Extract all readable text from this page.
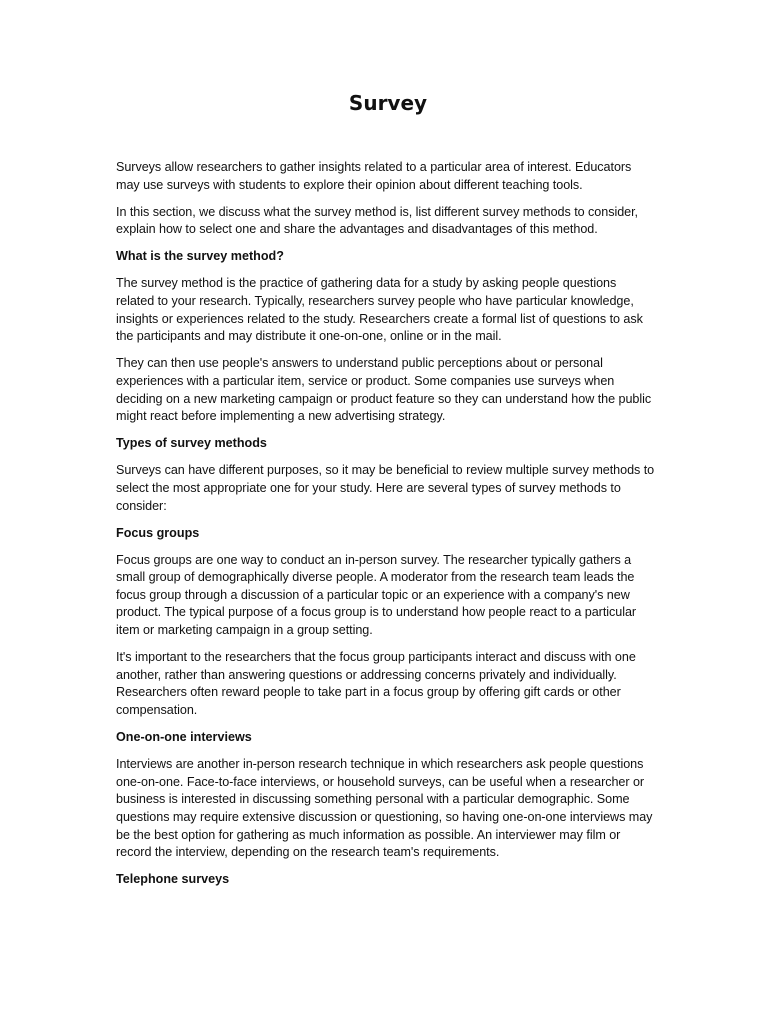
Survey

Surveys allow researchers to gather insights related to a particular area of interest. Educators may use surveys with students to explore their opinion about different teaching tools.

In this section, we discuss what the survey method is, list different survey methods to consider, explain how to select one and share the advantages and disadvantages of this method.

What is the survey method?

The survey method is the practice of gathering data for a study by asking people questions related to your research. Typically, researchers survey people who have particular knowledge, insights or experiences related to the study. Researchers create a formal list of questions to ask the participants and may distribute it one-on-one, online or in the mail.

They can then use people's answers to understand public perceptions about or personal experiences with a particular item, service or product. Some companies use surveys when deciding on a new marketing campaign or product feature so they can understand how the public might react before implementing a new advertising strategy.

Types of survey methods

Surveys can have different purposes, so it may be beneficial to review multiple survey methods to select the most appropriate one for your study. Here are several types of survey methods to consider:

Focus groups

Focus groups are one way to conduct an in-person survey. The researcher typically gathers a small group of demographically diverse people. A moderator from the research team leads the focus group through a discussion of a particular topic or an experience with a company's new product. The typical purpose of a focus group is to understand how people react to a particular item or marketing campaign in a group setting.

It's important to the researchers that the focus group participants interact and discuss with one another, rather than answering questions or addressing concerns privately and individually. Researchers often reward people to take part in a focus group by offering gift cards or other compensation.

One-on-one interviews

Interviews are another in-person research technique in which researchers ask people questions one-on-one. Face-to-face interviews, or household surveys, can be useful when a researcher or business is interested in discussing something personal with a particular demographic. Some questions may require extensive discussion or questioning, so having one-on-one interviews may be the best option for gathering as much information as possible. An interviewer may film or record the interview, depending on the research team's requirements.

Telephone surveys
